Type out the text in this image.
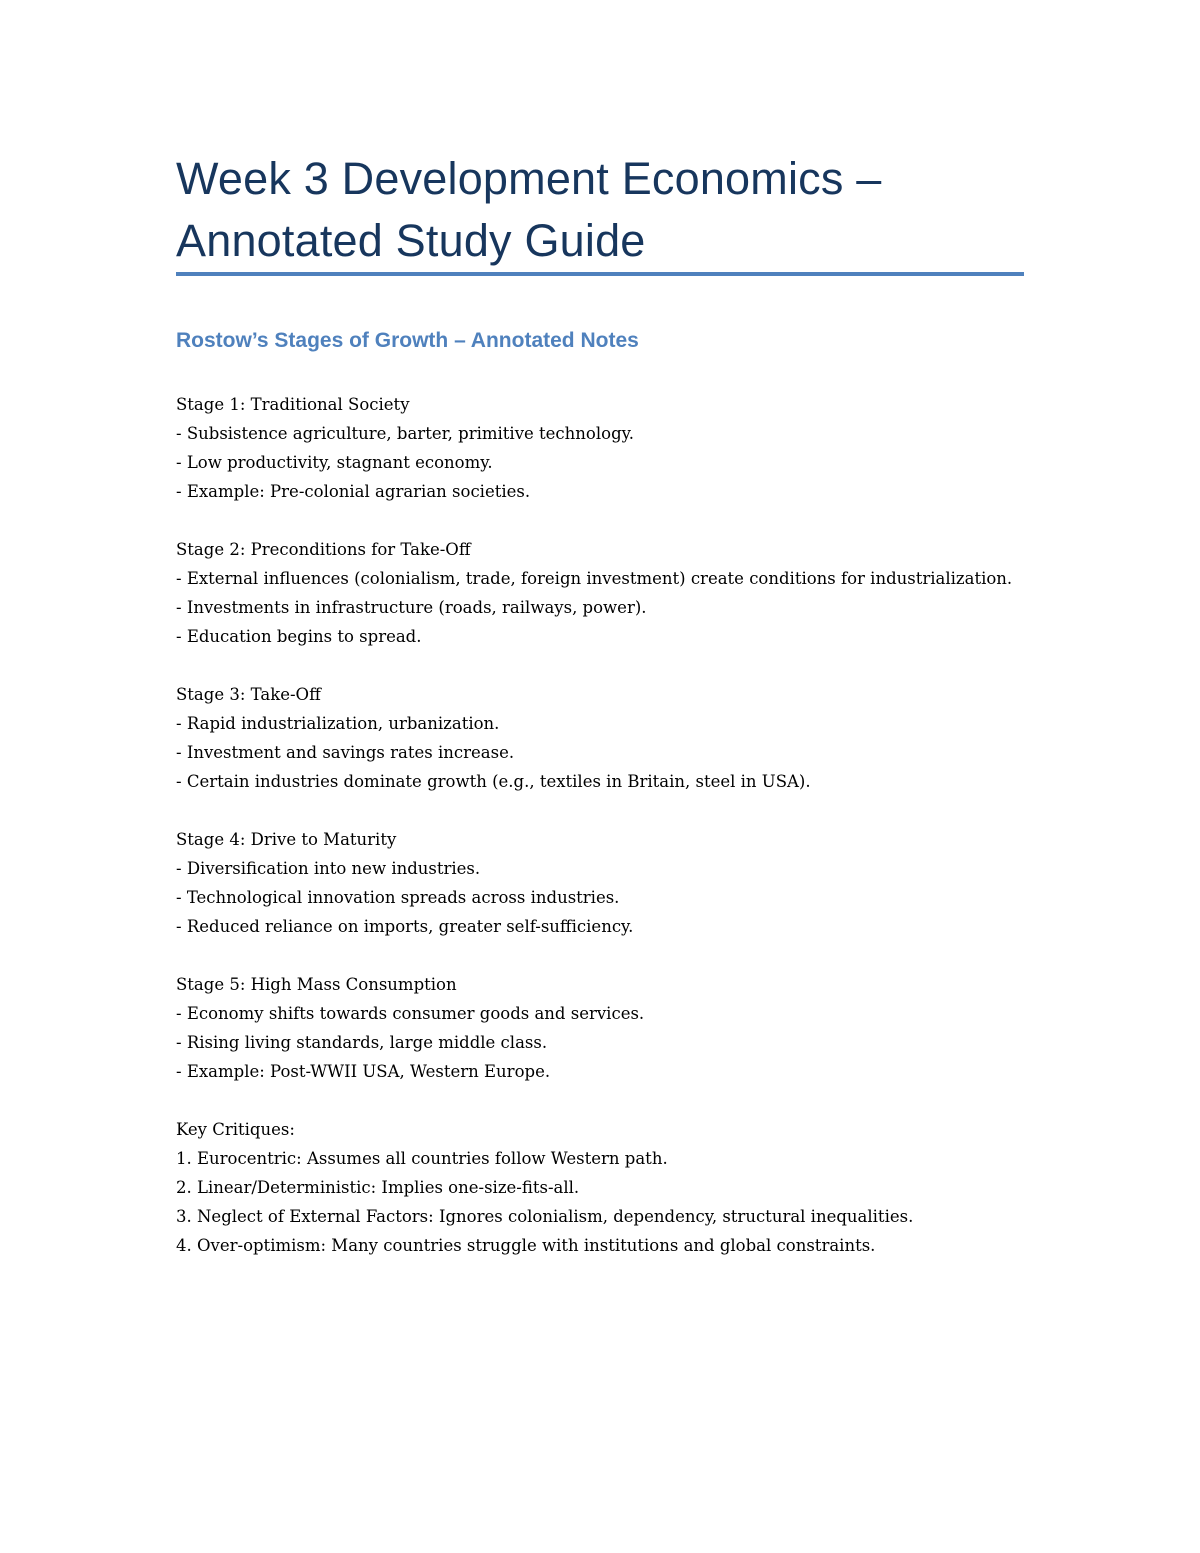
Week 3 Development Economics –
Annotated Study Guide
Rostow’s Stages of Growth – Annotated Notes
Stage 1: Traditional Society
- Subsistence agriculture, barter, primitive technology.
- Low productivity, stagnant economy.
- Example: Pre-colonial agrarian societies.
Stage 2: Preconditions for Take-Off
- External influences (colonialism, trade, foreign investment) create conditions for industrialization.
- Investments in infrastructure (roads, railways, power).
- Education begins to spread.
Stage 3: Take-Off
- Rapid industrialization, urbanization.
- Investment and savings rates increase.
- Certain industries dominate growth (e.g., textiles in Britain, steel in USA).
Stage 4: Drive to Maturity
- Diversification into new industries.
- Technological innovation spreads across industries.
- Reduced reliance on imports, greater self-sufficiency.
Stage 5: High Mass Consumption
- Economy shifts towards consumer goods and services.
- Rising living standards, large middle class.
- Example: Post-WWII USA, Western Europe.
Key Critiques:
1. Eurocentric: Assumes all countries follow Western path.
2. Linear/Deterministic: Implies one-size-fits-all.
3. Neglect of External Factors: Ignores colonialism, dependency, structural inequalities.
4. Over-optimism: Many countries struggle with institutions and global constraints.
